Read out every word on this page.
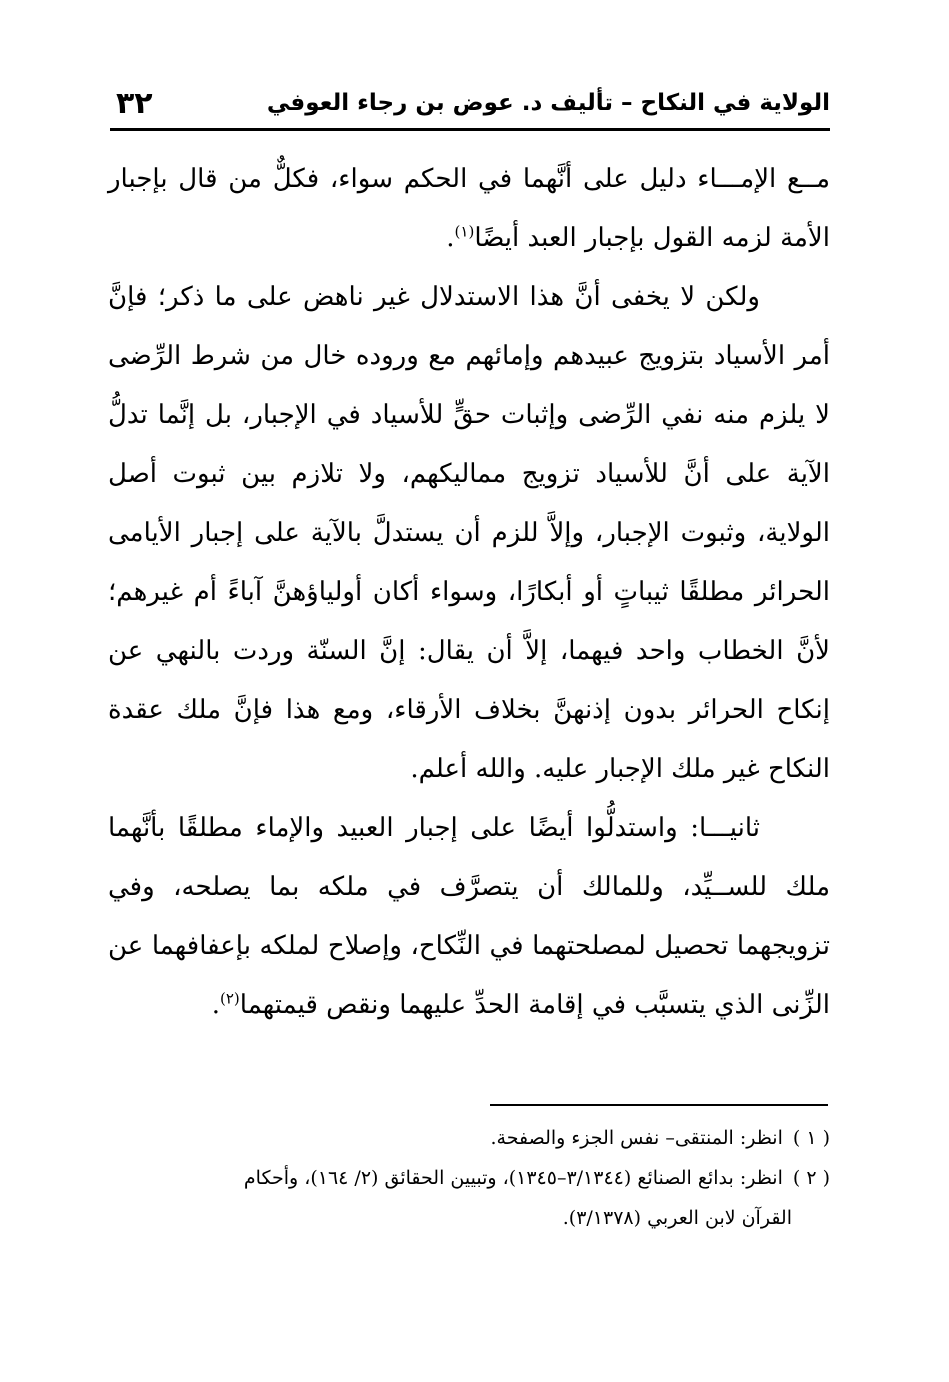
الولاية في النكاح – تأليف د. عوض بن رجاء العوفي
٣٢

مــع الإمـــاء دليل على أنَّهما في الحكم سواء، فكلٌّ من قال بإجبار الأمة لزمه القول بإجبار العبد أيضًا$^{(١)}$.

ولكن لا يخفى أنَّ هذا الاستدلال غير ناهض على ما ذكر؛ فإنَّ أمر الأسياد بتزويج عبيدهم وإمائهم مع وروده خال من شرط الرِّضى لا يلزم منه نفي الرِّضى وإثبات حقٍّ للأسياد في الإجبار، بل إنَّما تدلُّ الآية على أنَّ للأسياد تزويج مماليكهم، ولا تلازم بين ثبوت أصل الولاية، وثبوت الإجبار، وإلاَّ للزم أن يستدلَّ بالآية على إجبار الأيامى الحرائر مطلقًا ثيباتٍ أو أبكارًا، وسواء أكان أولياؤهنَّ آباءً أم غيرهم؛ لأنَّ الخطاب واحد فيهما، إلاَّ أن يقال: إنَّ السنّة وردت بالنهي عن إنكاح الحرائر بدون إذنهنَّ بخلاف الأرقاء، ومع هذا فإنَّ ملك عقدة النكاح غير ملك الإجبار عليه. والله أعلم.

ثانيـــا: واستدلُّوا أيضًا على إجبار العبيد والإماء مطلقًا بأنَّهما ملك للســيِّد، وللمالك أن يتصرَّف في ملكه بما يصلحه، وفي تزويجهما تحصيل لمصلحتهما في النِّكاح، وإصلاح لملكه بإعفافهما عن الزِّنى الذي يتسبَّب في إقامة الحدِّ عليهما ونقص قيمتهما$^{(٢)}$.

( ١ )انظر: المنتقى– نفس الجزء والصفحة.

( ٢ )انظر: بدائع الصنائع (٣/١٣٤٤–١٣٤٥)، وتبيين الحقائق (٢/ ١٦٤)، وأحكام

القرآن لابن العربي (٣/١٣٧٨).
